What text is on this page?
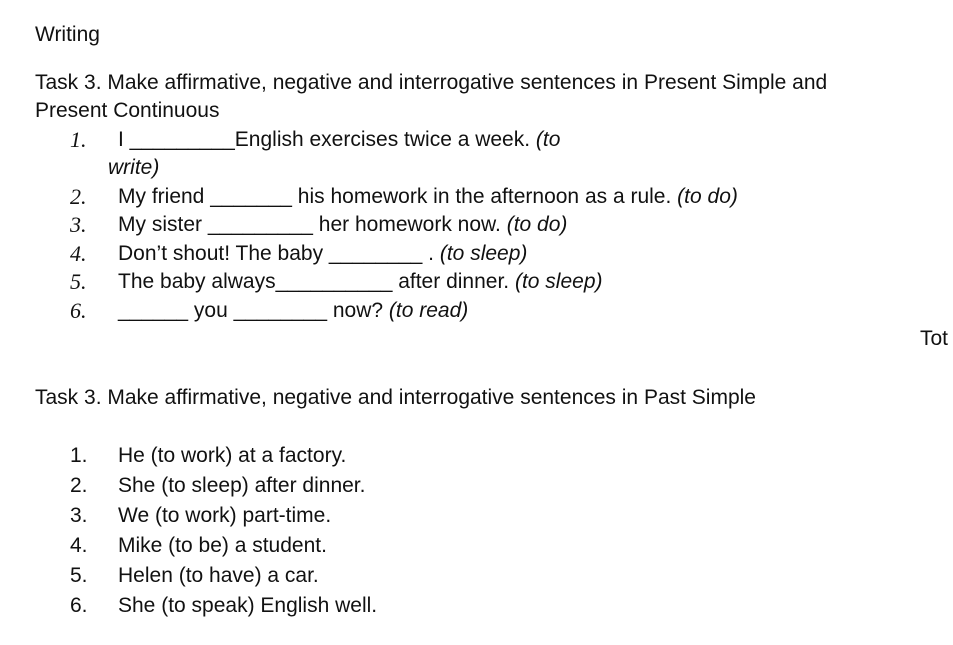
Writing
Task 3. Make affirmative, negative and interrogative sentences in Present Simple and
Present Continuous
1. I _________English exercises twice a week. (to
write)
2. My friend _______ his homework in the afternoon as a rule. (to do)
3. My sister _________ her homework now. (to do)
4. Don’t shout! The baby ________ . (to sleep)
5. The baby always__________ after dinner. (to sleep)
6. ______ you ________ now? (to read)
Tot
Task 3. Make affirmative, negative and interrogative sentences in Past Simple
1. He (to work) at a factory.
2. She (to sleep) after dinner.
3. We (to work) part-time.
4. Mike (to be) a student.
5. Helen (to have) a car.
6. She (to speak) English well.
